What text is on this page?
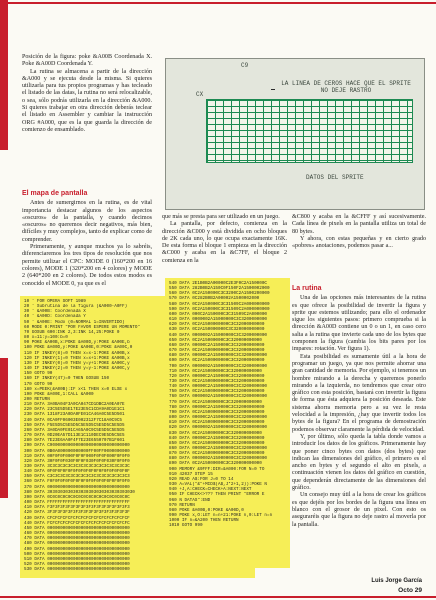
Posición de la figura: poke &A00B Coordenada X. Poke &A00D Coordenada Y.

La rutina se almacena a partir de la dirección &A000 y se ejecuta desde la misma. Si quieres utilizarla para tus propios programas y has tecleado el listado de las datas, la rutina no será relocalizable, o sea, sólo podrás utilizarla en la dirección &A000. Si quieres trabajar en otra dirección deberás teclear el listado en Assembler y cambiar la instrucción ORG #A000, que es la que guarda la dirección de comienzo de ensamblado.

El mapa de pantalla

Antes de sumergirnos en la rutina, es de vital importancia destacar algunos de los aspectos «oscuros» de la pantalla, y cuando decimos «oscuros» no queremos decir negativos, más bien, difíciles y muy complejos, tanto de explicar como de comprender.

Primeramente, y aunque muchos ya lo sabréis, diferenciaremos los tres tipos de resolución que nos permite utilizar el CPC: MODE 0 (160*200 en 16 colores), MODE 1 (320*200 en 4 colores) y MODE 2 (640*200 en 2 colores). De todos estos modos es conocido el MODE 0, ya que es el

C9
CX
LA LINEA DE CEROS HACE QUE EL SPRITE NO DEJE RASTRO
DATOS DEL SPRITE

que más se presta para ser utilizado en un juego.

La pantalla, por defecto, comienza en la dirección &C000 y está dividida en ocho bloques de 2K cada uno, lo que ocupa exactamente 16K. De esta forma el bloque 1 empieza en la dirección &C000 y acaba en la &C7FF, el bloque 2 comienza en la

&C800 y acaba en la &CFFF y así sucesivamente. Cada línea de pixels en la pantalla utiliza un total de 80 bytes.

Y ahora, con estas pequeñas y en cierto grado «pobres» anotaciones, podemos pasar a...

La rutina

Una de las opciones más interesantes de la rutina es que ofrece la posibilidad de invertir la figura y sprite que estemos utilizando; para ello el ordenador sigue los siguientes pasos: primero comprueba si la dirección &A00D contiene un 0 o un 1, en caso cero salta a la rutina que invierte cada uno de los bytes que componen la figura (cambia los bits pares por los impares: rotación. Ver figura 1).

Esta posibilidad es sumamente útil a la hora de programar un juego, ya que nos permite ahorrar una gran cantidad de memoria. Por ejemplo, si tenemos un hombre mirando a la derecha y queremos ponerlo mirando a la izquierda, no tendremos que crear otro gráfico con esta posición, bastará con invertir la figura de forma que ésta adquiera la posición deseada. Este sistema ahorra memoria pero a su vez le resta velocidad a la impresión, ¿hay que invertir todos los bytes de la figura? En el programa de demostración podemos observar claramente la pérdida de velocidad.

Y, por último, sólo queda la tabla donde vamos a introducir los datos de los gráficos. Primeramente hay que poner cinco bytes con datos (dos bytes) que indican las dimensiones del gráfico, el primero es el ancho en bytes y el segundo el alto en pixels, a continuación vienen los datos del gráfico en cuestión, que dependerán directamente de las dimensiones del gráfico.

Un consejo muy útil a la hora de crear los gráficos es que dejéis por los bordes de la figura una línea en blanco con el grosor de un pixel. Con esto os aseguraréis que la figura no deje rastro al moverla por la pantalla.

10 ' FOR OPERA SOFT 1989
20 ' Subrutina de la figura (&A000-A0FF)
30 ' &A00B: Coordenada X
40 ' &A00D: Coordenada Y
50 ' &A00E: Modo (0=NORMAL 1=INVERTIDO)
60 MODE 0:PRINT "POR FAVOR ESPERE UN MOMENTO"
70 GOSUB 600:INK 2,3:INK 14,25:POKE 0
80 x=11:y=100:b=0
90 POKE &A00B,x:POKE &A00D,y:POKE &A00E,b
100 POKE &A00D,y:POKE &A00E,0:POKE &A00C,0
110 IF INKEY(8)=0 THEN x=x-1:POKE &A00B,x
120 IF INKEY(1)=0 THEN x=x+1:POKE &A00B,x
130 IF INKEY(0)=0 THEN y=y+1:POKE &A00C,y
140 IF INKEY(2)=0 THEN y=y-1:POKE &A00C,y
150 GOTO 90
160 IF INKEY(47)=0 THEN GOSUB 150
170 GOTO 90
180 x=PEEK(&A00B):IF x<1 THEN x=0 ELSE x
190 POKE &A00E,1:CALL &A000
200 RETURN
210 DATA 3A0BA04F3A0CA047CD1DBC2A0EA07E
220 DATA 23C5E5D5E17E23E5C1CDA9A0D1E1C1
230 DATA 1318F23A0DA0FE01CA46A0C5E5D501
240 DATA 0CA0FF06003E002312F7C18A0C9C5
250 DATA F5E5D5C5E5D5C5E5D5C5E5D5C5E5D5
260 DATA 3A0DA0FE01CA65A0C9C5E5D5C5E5D5
270 DATA 0D20EA57D113E1C110DEC9E5D5C5E5
280 DATA 7E23E6AA0F4F7E23E6550707B1F601
290 DATA C9000000000000000000000000000000
300 DATA 0B0A000000000000FF00FF0000000000
310 DATA 00F0F0F000F0F0F000F0F0F000F0F0F0
320 DATA 30F0F0F030F0F0F030F0F0F030F0F0F0
330 DATA 3C3C3C3C3C3C3C3C3C3C3C3C3C3C3C3C
340 DATA 0F0F0F0F0F0F0F0F0F0F0F0F0F0F0F0F
350 DATA C3C3C3C3C3C3C3C3C3C3C3C3C3C3C3C3
360 DATA F0F0F0F0F0F0F0F0F0F0F0F0F0F0F0F0
370 DATA 00000000000000000000000000000000
380 DATA 3030303030303030303030303030303030
390 DATA 0C0C0C0C0C0C0C0C0C0C0C0C0C0C0C0C
400 DATA FFFFFFFFFFFFFFFFFFFFFFFFFFFFFFFF
410 DATA F3F3F3F3F3F3F3F3F3F3F3F3F3F3F3F3
420 DATA 3F3F3F3F3F3F3F3F3F3F3F3F3F3F3F3F
430 DATA CFCFCFCFCFCFCFCFCFCFCFCFCFCFCFCF
440 DATA FCFCFCFCFCFCFCFCFCFCFCFCFCFCFCFC
450 DATA 00000000000000000000000000000000
460 DATA 00000000000000000000000000000000
470 DATA 00000000000000000000000000000000
480 DATA 00000000000000000000000000000000
490 DATA 00000000000000000000000000000000
500 DATA 00000000000000000000000000000000
510 DATA 00000000000000000000000000000000
520 DATA 00000000000000000000000000000000
530 DATA 00000000000000000000000000000000
540 DATA 2E1B0B2A00000C2E3F0C2A150000C
550 DATA 282B0B2A150C0F150F2A1500002000
560 DATA 0C2A150000C3C3200C2A1500200000
570 DATA 0C282B0B2A00002A1500002000
580 DATA 0C2A150000C3C31509C2A000000000
590 DATA 0C2A150000C3C31509C2A000000000
600 DATA 000C2A150000C3C31509C2A000000
610 DATA 0000002A15000000C3C3200000000
620 DATA 0C2A1500000000C3C32000000000
630 DATA 0C2A150000000C3C320000000000
640 DATA 0000002A15000000C3C3200000000
650 DATA 0C2A15000000C3C320000000000
660 DATA 00000C2A150000C3C32000000000
670 DATA 0C2A1500000000C3C32000000000
680 DATA 00000C2A15000000C3C3200000000
690 DATA 0C2A1500000000C3C32000000000
700 DATA 0000002A15000000C3C3200000000
710 DATA 0C2A15000000C3C320000000000
720 DATA 00000C2A150000C3C32000000000
730 DATA 0C2A1500000000C3C32000000000
740 DATA 00000C2A15000000C3C3200000000
750 DATA 0C2A1500000000C3C32000000000
760 DATA 0000002A15000000C3C3200000000
770 DATA 0C2A15000000C3C320000000000
780 DATA 00000C2A150000C3C32000000000
790 DATA 0C2A1500000000C3C32000000000
800 DATA 00000C2A15000000C3C3200000000
810 DATA 0C2A1500000000C3C32000000000
820 DATA 0000002A15000000C3C3200000000
830 DATA 0C2A15000000C3C320000000000
840 DATA 00000C2A150000C3C32000000000
850 DATA 0C2A1500000000C3C32000000000
860 DATA 00000C2A15000000C3C3200000000
870 DATA 0C2A1500000000C3C32000000000
880 DATA 0000002A15000000C3C3200000000
890 DATA 0C2A15000000C3C320000000000
900 MEMORY &9FFF:DIR=&A000:FOR N=0 TO
910 42037 STEP 15
920 READ A$:FOR J=0 TO 14
930 A=VAL("&"+MID$(A$,J*2+1,2)):POKE N
940 +J,A:CHECK=CHECK+A:NEXT:NEXT
950 IF CHECK<>??? THEN PRINT "ERROR E
960 N DATAS":END
970 RETURN
980 POKE &A00B,0:POKE &A00D,0
990 POKE x,O:LET n=n+21:POKE n,0:LET n=n
1000 IF n=&A200 THEN RETURN
1010 GOTO 990
Luis Jorge García
Octo 29
